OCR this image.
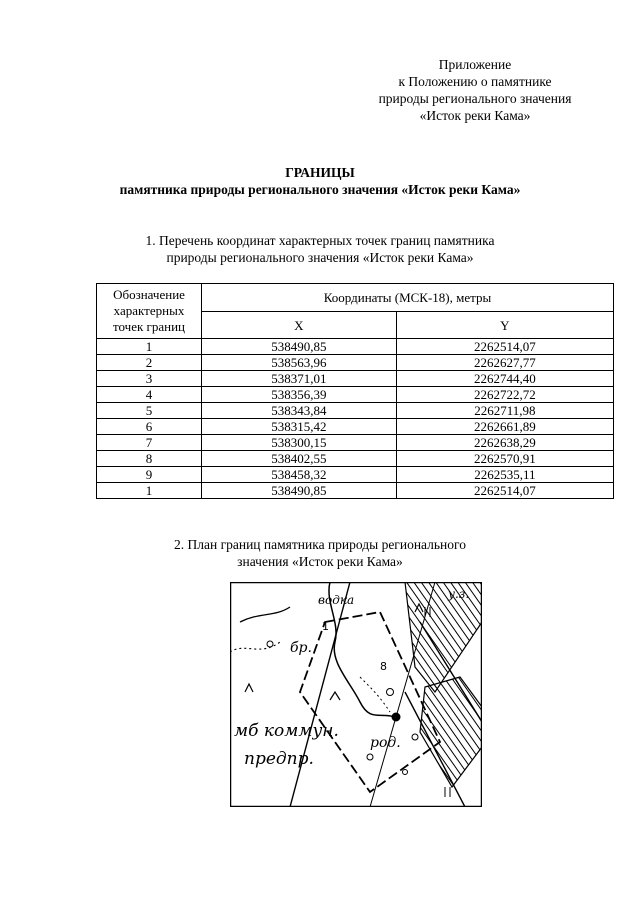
Приложение
к Положению о памятнике
природы регионального значения
«Исток реки Кама»
ГРАНИЦЫ
памятника природы регионального значения «Исток реки Кама»
1. Перечень координат характерных точек границ памятника
природы регионального значения «Исток реки Кама»
Обозначение
характерных
точек границ	Координаты (МСК-18), метры	
	X	Y
1	538490,85	2262514,07
2	538563,96	2262627,77
3	538371,01	2262744,40
4	538356,39	2262722,72
5	538343,84	2262711,98
6	538315,42	2262661,89
7	538300,15	2262638,29
8	538402,55	2262570,91
9	538458,32	2262535,11
1	538490,85	2262514,07
2. План границ памятника природы регионального
значения «Исток реки Кама»
водка	у.з.
бр.
1
8
мб коммун.
предпр.
род.
